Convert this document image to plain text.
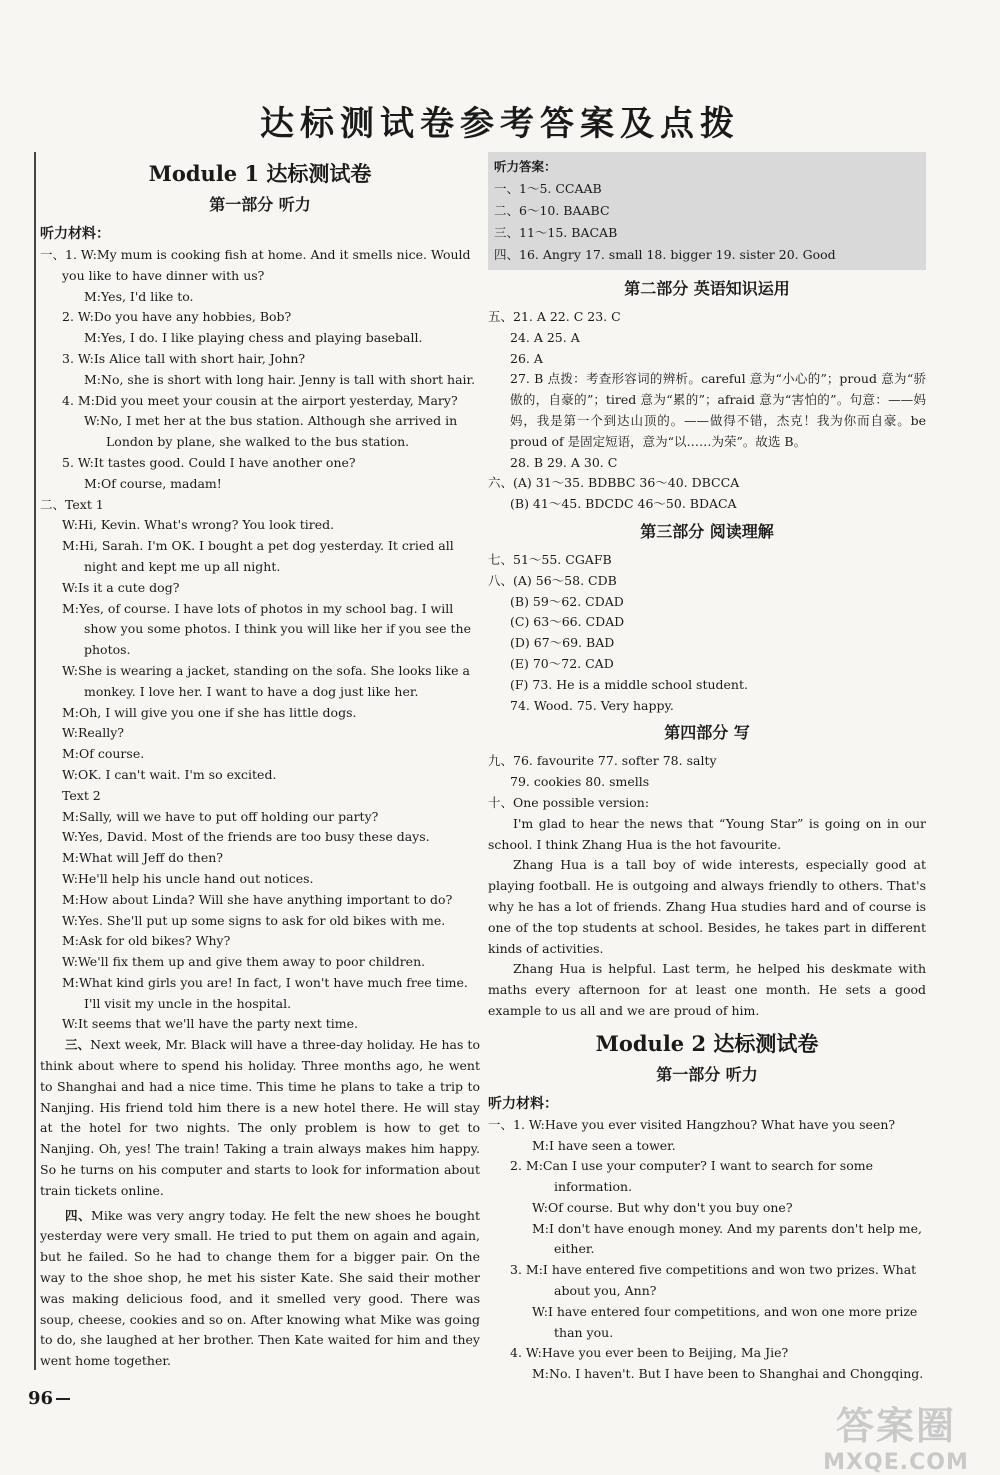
达标测试卷参考答案及点拨
Module 1 达标测试卷
第一部分 听力
听力材料：
一、1. W:My mum is cooking fish at home. And it smells nice. Would
you like to have dinner with us?
M:Yes, I'd like to.
2. W:Do you have any hobbies, Bob?
M:Yes, I do. I like playing chess and playing baseball.
3. W:Is Alice tall with short hair, John?
M:No, she is short with long hair. Jenny is tall with short hair.
4. M:Did you meet your cousin at the airport yesterday, Mary?
W:No, I met her at the bus station. Although she arrived in
London by plane, she walked to the bus station.
5. W:It tastes good. Could I have another one?
M:Of course, madam!
二、Text 1
W:Hi, Kevin. What's wrong? You look tired.
M:Hi, Sarah. I'm OK. I bought a pet dog yesterday. It cried all
night and kept me up all night.
W:Is it a cute dog?
M:Yes, of course. I have lots of photos in my school bag. I will
show you some photos. I think you will like her if you see the
photos.
W:She is wearing a jacket, standing on the sofa. She looks like a
monkey. I love her. I want to have a dog just like her.
M:Oh, I will give you one if she has little dogs.
W:Really?
M:Of course.
W:OK. I can't wait. I'm so excited.
Text 2
M:Sally, will we have to put off holding our party?
W:Yes, David. Most of the friends are too busy these days.
M:What will Jeff do then?
W:He'll help his uncle hand out notices.
M:How about Linda? Will she have anything important to do?
W:Yes. She'll put up some signs to ask for old bikes with me.
M:Ask for old bikes? Why?
W:We'll fix them up and give them away to poor children.
M:What kind girls you are! In fact, I won't have much free time.
I'll visit my uncle in the hospital.
W:It seems that we'll have the party next time.
三、Next week, Mr. Black will have a three-day holiday. He has to think about where to spend his holiday. Three months ago, he went to Shanghai and had a nice time. This time he plans to take a trip to Nanjing. His friend told him there is a new hotel there. He will stay at the hotel for two nights. The only problem is how to get to Nanjing. Oh, yes! The train! Taking a train always makes him happy. So he turns on his computer and starts to look for information about train tickets online.
四、Mike was very angry today. He felt the new shoes he bought yesterday were very small. He tried to put them on again and again, but he failed. So he had to change them for a bigger pair. On the way to the shoe shop, he met his sister Kate. She said their mother was making delicious food, and it smelled very good. There was soup, cheese, cookies and so on. After knowing what Mike was going to do, she laughed at her brother. Then Kate waited for him and they went home together.
听力答案：
一、1～5. CCAAB
二、6～10. BAABC
三、11～15. BACAB
四、16. Angry 17. small 18. bigger 19. sister 20. Good
第二部分 英语知识运用
五、21. A 22. C 23. C
24. A 25. A
26. A
27. B 点拨：考查形容词的辨析。careful 意为“小心的”；proud 意为“骄傲的，自豪的”；tired 意为“累的”；afraid 意为“害怕的”。句意：——妈妈，我是第一个到达山顶的。——做得不错，杰克！我为你而自豪。be proud of 是固定短语，意为“以……为荣”。故选 B。
28. B 29. A 30. C
六、(A) 31～35. BDBBC 36～40. DBCCA
(B) 41～45. BDCDC 46～50. BDACA
第三部分 阅读理解
七、51～55. CGAFB
八、(A) 56～58. CDB
(B) 59～62. CDAD
(C) 63～66. CDAD
(D) 67～69. BAD
(E) 70～72. CAD
(F) 73. He is a middle school student.
74. Wood. 75. Very happy.
第四部分 写
九、76. favourite 77. softer 78. salty
79. cookies 80. smells
十、One possible version:
I'm glad to hear the news that “Young Star” is going on in our school. I think Zhang Hua is the hot favourite.
Zhang Hua is a tall boy of wide interests, especially good at playing football. He is outgoing and always friendly to others. That's why he has a lot of friends. Zhang Hua studies hard and of course is one of the top students at school. Besides, he takes part in different kinds of activities.
Zhang Hua is helpful. Last term, he helped his deskmate with maths every afternoon for at least one month. He sets a good example to us all and we are proud of him.
Module 2 达标测试卷
第一部分 听力
听力材料：
一、1. W:Have you ever visited Hangzhou? What have you seen?
M:I have seen a tower.
2. M:Can I use your computer? I want to search for some
information.
W:Of course. But why don't you buy one?
M:I don't have enough money. And my parents don't help me,
either.
3. M:I have entered five competitions and won two prizes. What
about you, Ann?
W:I have entered four competitions, and won one more prize
than you.
4. W:Have you ever been to Beijing, Ma Jie?
M:No. I haven't. But I have been to Shanghai and Chongqing.
96
答案圈
MXQE.COM
